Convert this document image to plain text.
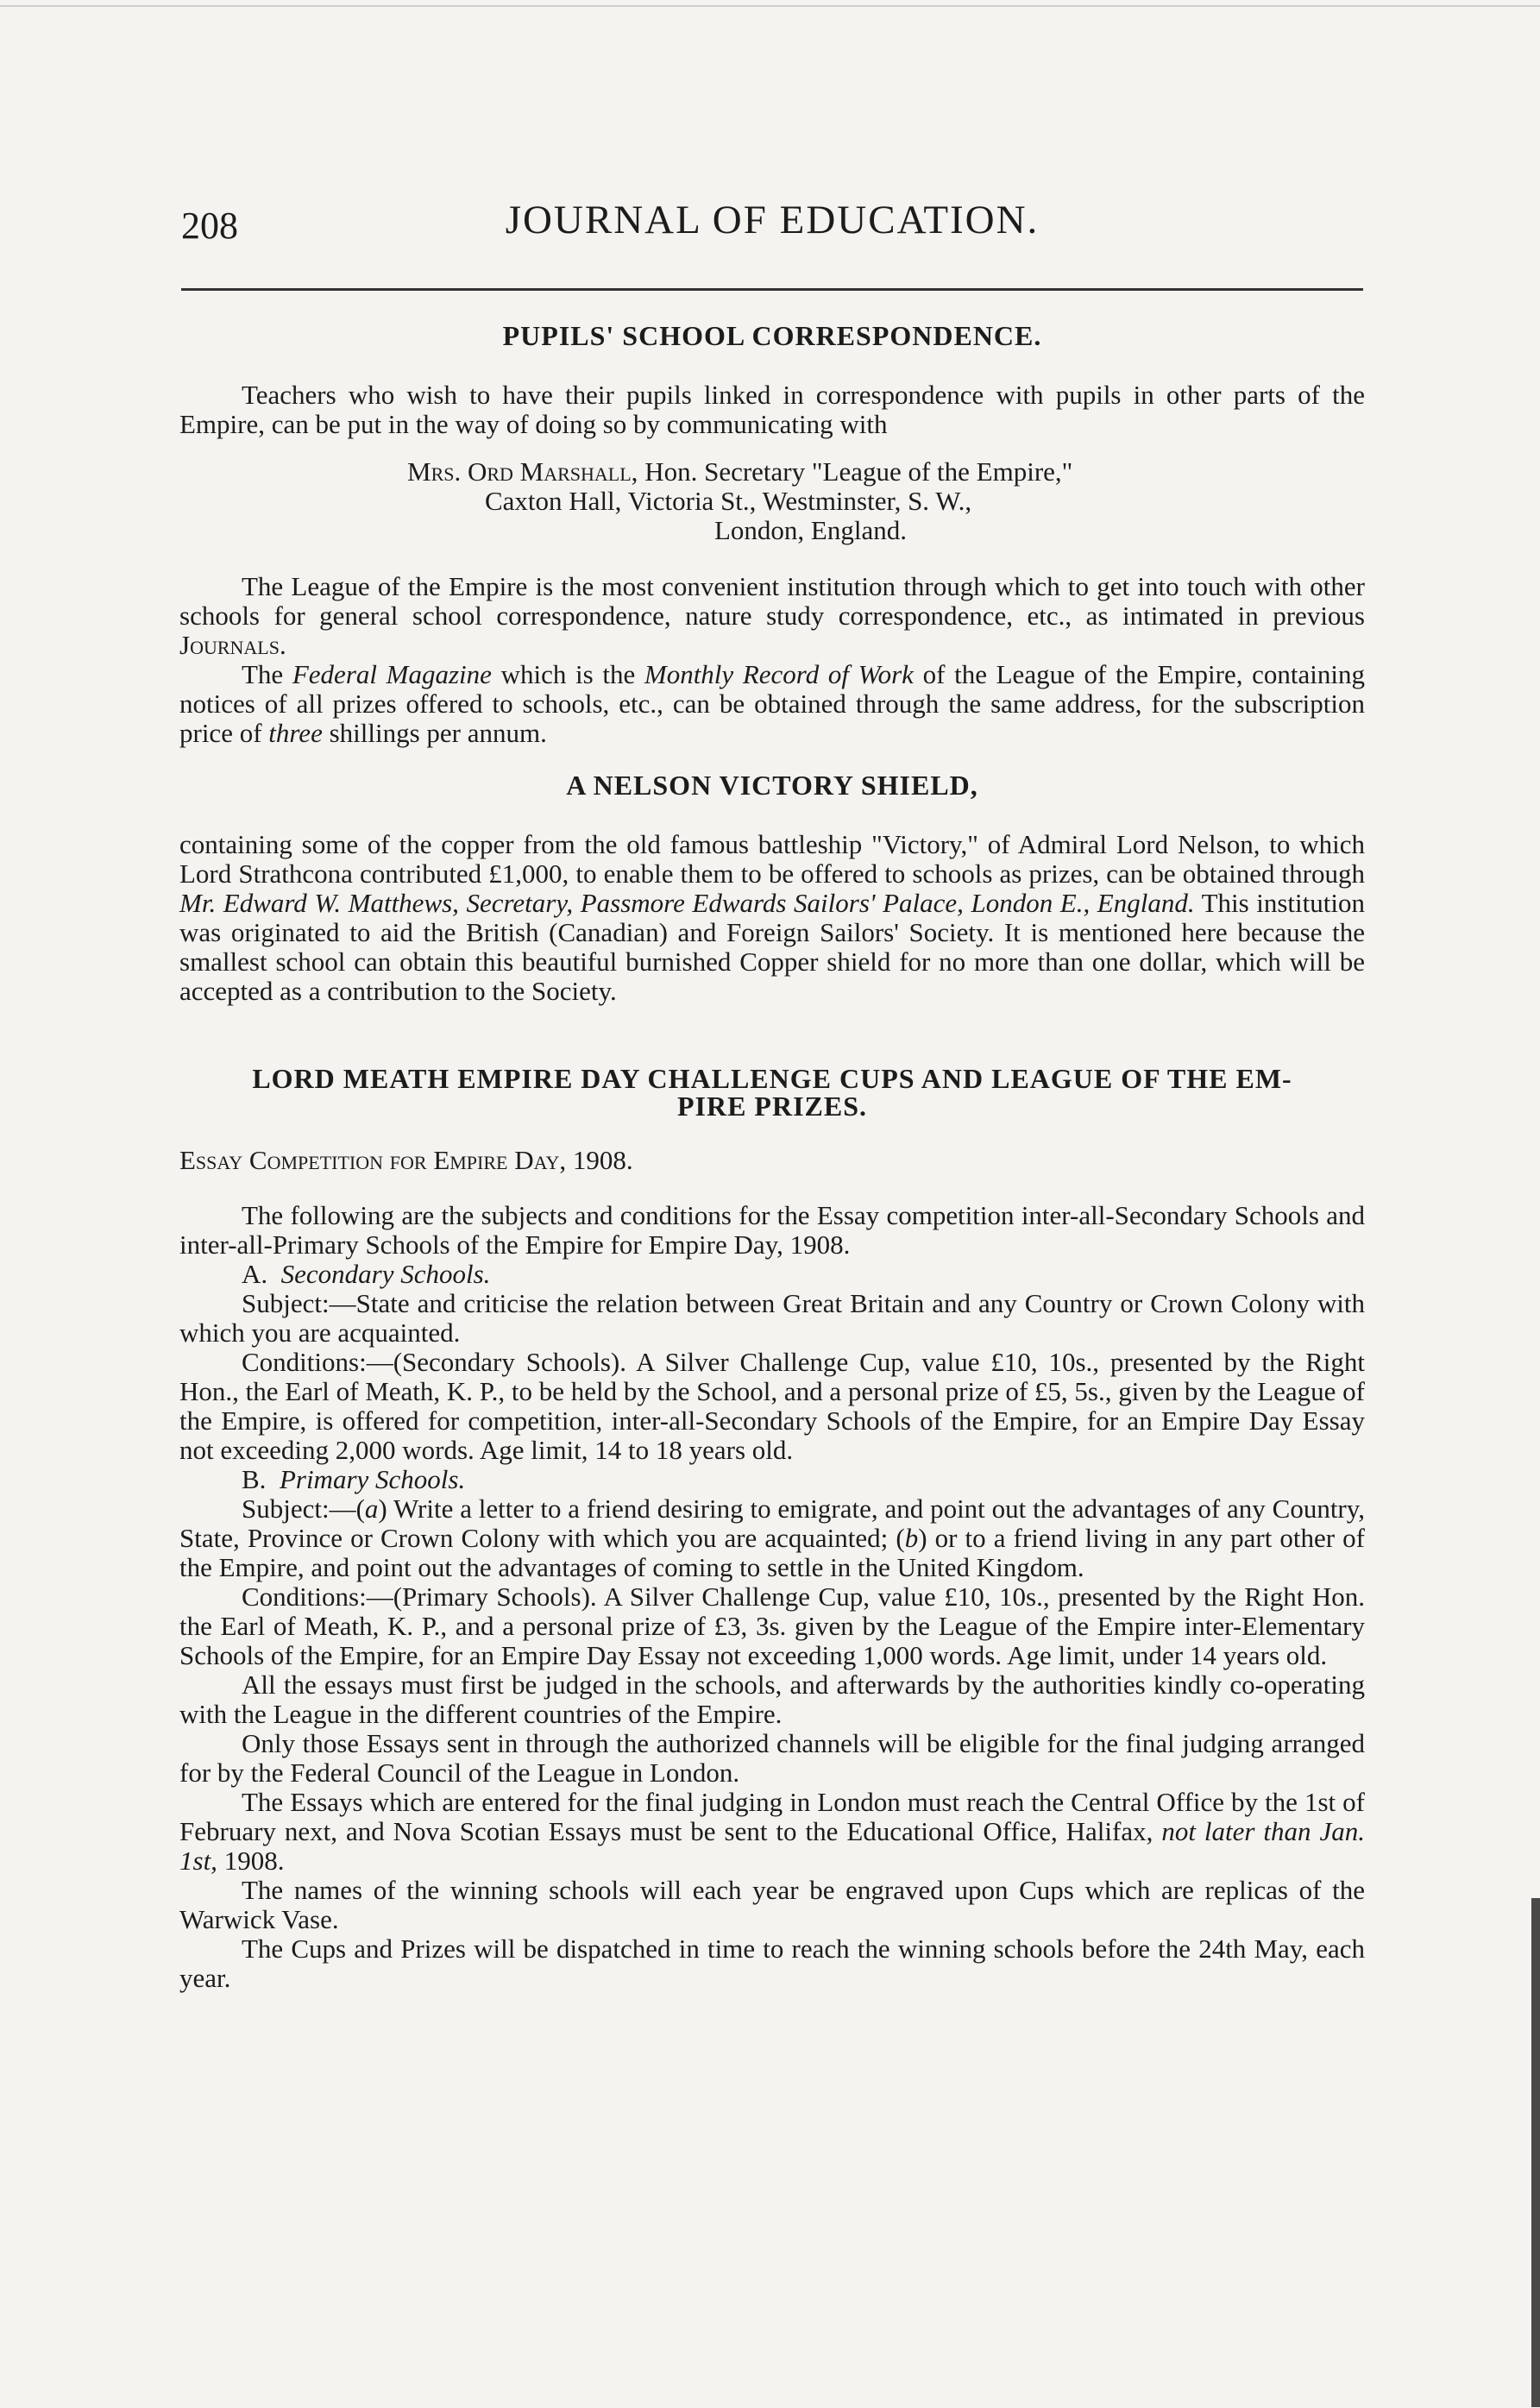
JOURNAL OF EDUCATION.
208
PUPILS' SCHOOL CORRESPONDENCE.

Teachers who wish to have their pupils linked in correspondence with pupils in other parts of the Empire, can be put in the way of doing so by communicating with

Mrs. Ord Marshall, Hon. Secretary "League of the Empire,"
Caxton Hall, Victoria St., Westminster, S. W.,
London, England.

The League of the Empire is the most convenient institution through which to get into touch with other schools for general school correspondence, nature study correspondence, etc., as intimated in previous Journals.

The Federal Magazine which is the Monthly Record of Work of the League of the Empire, containing notices of all prizes offered to schools, etc., can be obtained through the same address, for the subscription price of three shillings per annum.

A NELSON VICTORY SHIELD,

containing some of the copper from the old famous battleship "Victory," of Admiral Lord Nelson, to which Lord Strathcona contributed £1,000, to enable them to be offered to schools as prizes, can be obtained through Mr. Edward W. Matthews, Secretary, Passmore Edwards Sailors' Palace, London E., England. This institution was originated to aid the British (Canadian) and Foreign Sailors' Society. It is mentioned here because the smallest school can obtain this beautiful burnished Copper shield for no more than one dollar, which will be accepted as a contribution to the Society.

LORD MEATH EMPIRE DAY CHALLENGE CUPS AND LEAGUE OF THE EM-
PIRE PRIZES.

Essay Competition for Empire Day, 1908.

The following are the subjects and conditions for the Essay competition inter-all-Secondary Schools and inter-all-Primary Schools of the Empire for Empire Day, 1908.

A. Secondary Schools.

Subject:—State and criticise the relation between Great Britain and any Country or Crown Colony with which you are acquainted.

Conditions:—(Secondary Schools). A Silver Challenge Cup, value £10, 10s., presented by the Right Hon., the Earl of Meath, K. P., to be held by the School, and a personal prize of £5, 5s., given by the League of the Empire, is offered for competition, inter-all-Secondary Schools of the Empire, for an Empire Day Essay not exceeding 2,000 words. Age limit, 14 to 18 years old.

B. Primary Schools.

Subject:—(a) Write a letter to a friend desiring to emigrate, and point out the advantages of any Country, State, Province or Crown Colony with which you are acquainted; (b) or to a friend living in any part other of the Empire, and point out the advantages of coming to settle in the United Kingdom.

Conditions:—(Primary Schools). A Silver Challenge Cup, value £10, 10s., presented by the Right Hon. the Earl of Meath, K. P., and a personal prize of £3, 3s. given by the League of the Empire inter-Elementary Schools of the Empire, for an Empire Day Essay not exceeding 1,000 words. Age limit, under 14 years old.

All the essays must first be judged in the schools, and afterwards by the authorities kindly co-operating with the League in the different countries of the Empire.

Only those Essays sent in through the authorized channels will be eligible for the final judging arranged for by the Federal Council of the League in London.

The Essays which are entered for the final judging in London must reach the Central Office by the 1st of February next, and Nova Scotian Essays must be sent to the Educational Office, Halifax, not later than Jan. 1st, 1908.

The names of the winning schools will each year be engraved upon Cups which are replicas of the Warwick Vase.

The Cups and Prizes will be dispatched in time to reach the winning schools before the 24th May, each year.
